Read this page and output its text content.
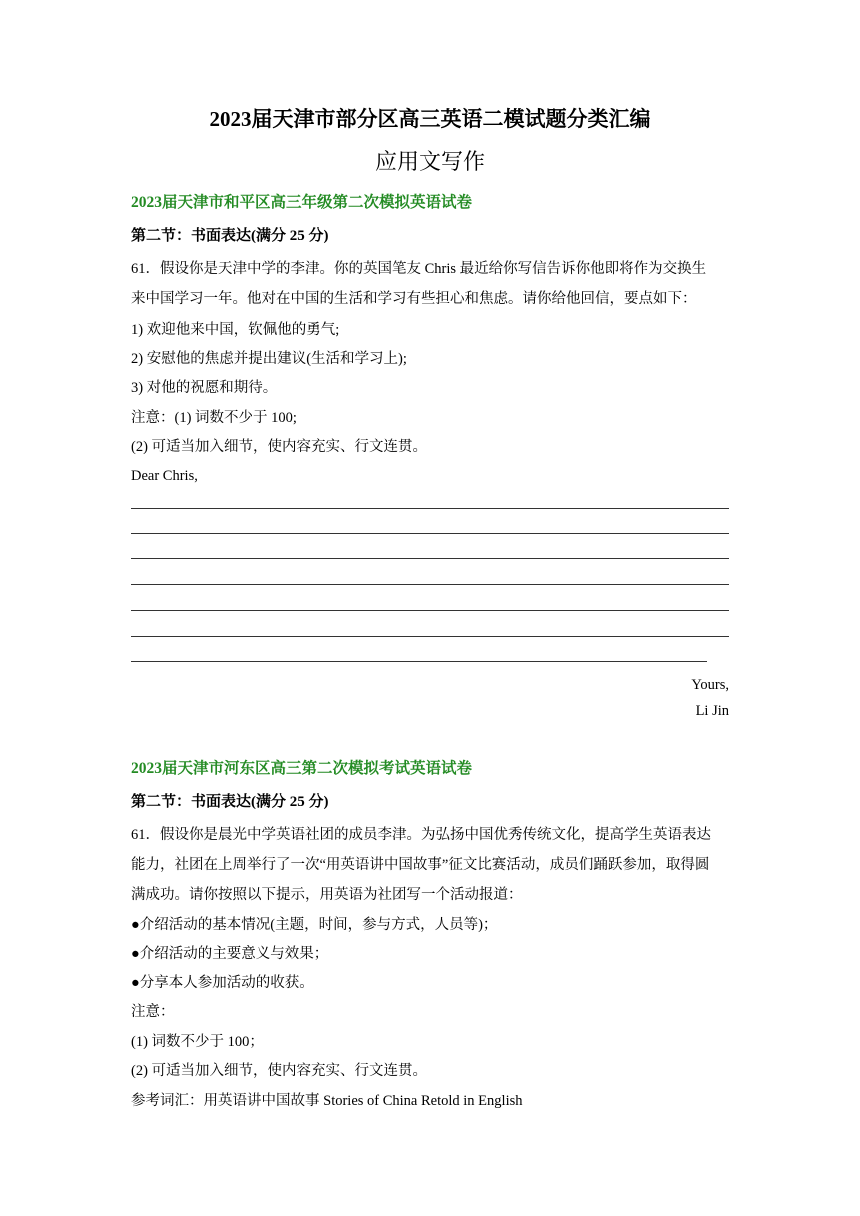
2023届天津市部分区高三英语二模试题分类汇编
应用文写作
2023届天津市和平区高三年级第二次模拟英语试卷
第二节：书面表达(满分 25 分)
61．假设你是天津中学的李津。你的英国笔友 Chris 最近给你写信告诉你他即将作为交换生
来中国学习一年。他对在中国的生活和学习有些担心和焦虑。请你给他回信，要点如下：
1) 欢迎他来中国，钦佩他的勇气;
2) 安慰他的焦虑并提出建议(生活和学习上);
3) 对他的祝愿和期待。
注意：(1) 词数不少于 100;
(2) 可适当加入细节，使内容充实、行文连贯。
Dear Chris,
Yours,
Li Jin
2023届天津市河东区高三第二次模拟考试英语试卷
第二节：书面表达(满分 25 分)
61．假设你是晨光中学英语社团的成员李津。为弘扬中国优秀传统文化，提高学生英语表达
能力，社团在上周举行了一次“用英语讲中国故事”征文比赛活动，成员们踊跃参加，取得圆
满成功。请你按照以下提示，用英语为社团写一个活动报道：
●介绍活动的基本情况(主题，时间，参与方式，人员等)；
●介绍活动的主要意义与效果；
●分享本人参加活动的收获。
注意：
(1) 词数不少于 100；
(2) 可适当加入细节，使内容充实、行文连贯。
参考词汇：用英语讲中国故事 Stories of China Retold in English
